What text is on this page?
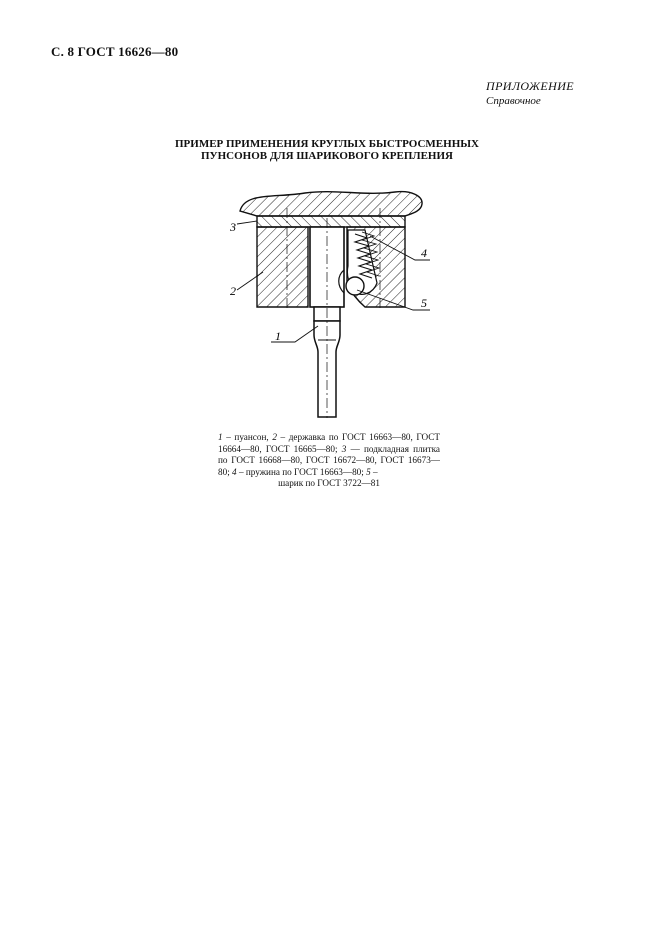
С. 8 ГОСТ 16626—80
ПРИЛОЖЕНИЕ
Справочное
ПРИМЕР ПРИМЕНЕНИЯ КРУГЛЫХ БЫСТРОСМЕННЫХ
ПУНСОНОВ ДЛЯ ШАРИКОВОГО КРЕПЛЕНИЯ
3
2
1
4
5
1 – пуансон, 2 – державка по ГОСТ 16663—80, ГОСТ 16664—80, ГОСТ 16665—80; 3 — подкладная плитка по ГОСТ 16668—80, ГОСТ 16672—80, ГОСТ 16673—80; 4 – пружина по ГОСТ 16663—80; 5 –
шарик по ГОСТ 3722—81
